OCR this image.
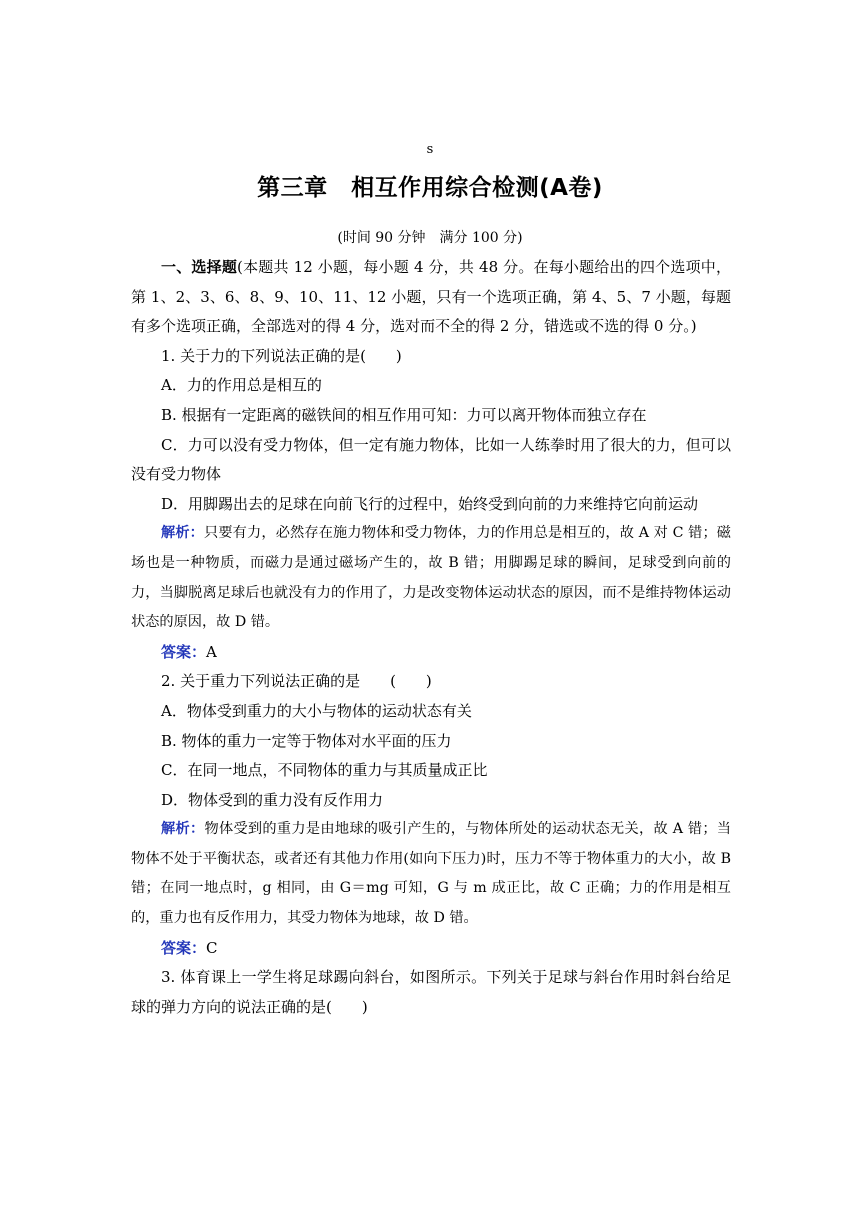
s
第三章　相互作用综合检测(A卷)
(时间 90 分钟　满分 100 分)

一、选择题(本题共 12 小题，每小题 4 分，共 48 分。在每小题给出的四个选项中，第 1、2、3、6、8、9、10、11、12 小题，只有一个选项正确，第 4、5、7 小题，每题有多个选项正确，全部选对的得 4 分，选对而不全的得 2 分，错选或不选的得 0 分。)

1. 关于力的下列说法正确的是(　　)

A．力的作用总是相互的

B. 根据有一定距离的磁铁间的相互作用可知：力可以离开物体而独立存在

C．力可以没有受力物体，但一定有施力物体，比如一人练拳时用了很大的力，但可以没有受力物体

D．用脚踢出去的足球在向前飞行的过程中，始终受到向前的力来维持它向前运动

解析：只要有力，必然存在施力物体和受力物体，力的作用总是相互的，故 A 对 C 错；磁场也是一种物质，而磁力是通过磁场产生的，故 B 错；用脚踢足球的瞬间，足球受到向前的力，当脚脱离足球后也就没有力的作用了，力是改变物体运动状态的原因，而不是维持物体运动状态的原因，故 D 错。

答案：A

2. 关于重力下列说法正确的是　　(　　)

A．物体受到重力的大小与物体的运动状态有关

B. 物体的重力一定等于物体对水平面的压力

C．在同一地点，不同物体的重力与其质量成正比

D．物体受到的重力没有反作用力

解析：物体受到的重力是由地球的吸引产生的，与物体所处的运动状态无关，故 A 错；当物体不处于平衡状态，或者还有其他力作用(如向下压力)时，压力不等于物体重力的大小，故 B 错；在同一地点时，g 相同，由 G＝mg 可知，G 与 m 成正比，故 C 正确；力的作用是相互的，重力也有反作用力，其受力物体为地球，故 D 错。

答案：C

3. 体育课上一学生将足球踢向斜台，如图所示。下列关于足球与斜台作用时斜台给足球的弹力方向的说法正确的是(　　)
